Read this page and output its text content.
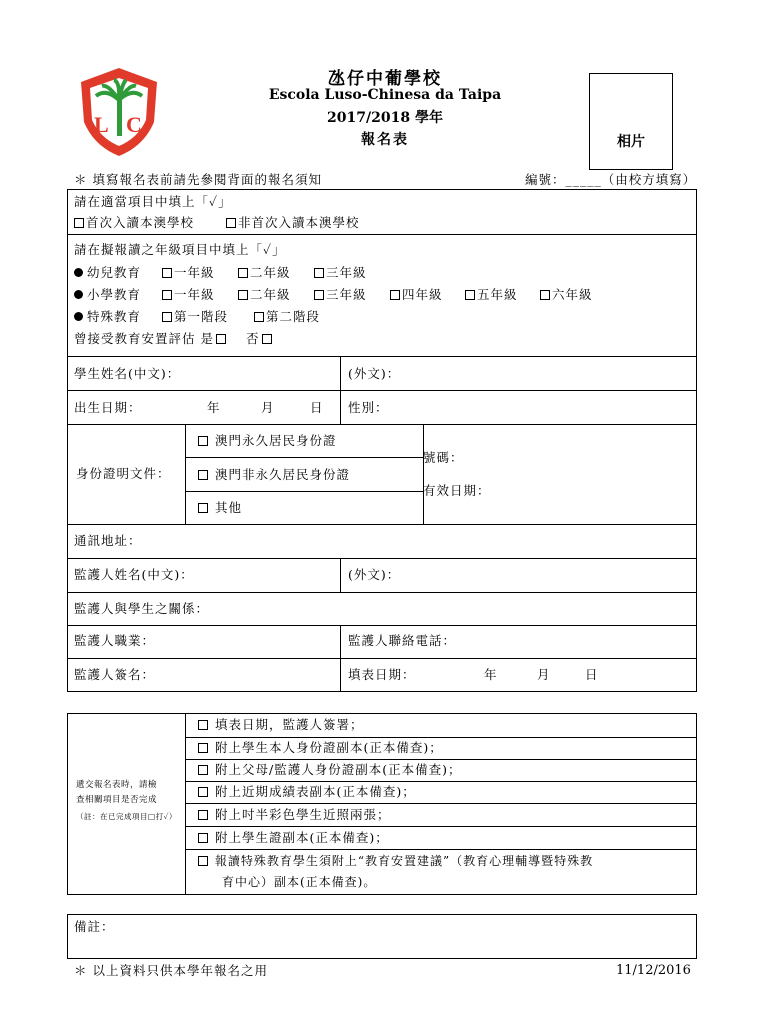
L C
氹仔中葡學校
Escola Luso-Chinesa da Taipa
2017/2018 學年
報名表	相片
＊ 填寫報名表前請先參閱背面的報名須知	編號：_____（由校方填寫）
請在適當項目中填上「✓」
首次入讀本澳學校	非首次入讀本澳學校
請在擬報讀之年級項目中填上「✓」
幼兒教育	一年級	二年級	三年級
小學教育	一年級	二年級	三年級	四年級	五年級	六年級
特殊教育	第一階段	第二階段
曾接受教育安置評估 是	否
學生姓名(中文)：	(外文)：
出生日期：	年	月	日 性別：
身份證明文件：
澳門永久居民身份證
澳門非永久居民身份證
其他
號碼：
有效日期：
通訊地址：
監護人姓名(中文)：	(外文)：
監護人與學生之關係：
監護人職業：	監護人聯絡電話：
監護人簽名：	填表日期：	年	月	日
遞交報名表時，請檢
查相關項目是否完成
（註：在已完成項目□打✓）
填表日期，監護人簽署；
附上學生本人身份證副本(正本備查)；
附上父母/監護人身份證副本(正本備查)；
附上近期成績表副本(正本備查)；
附上吋半彩色學生近照兩張；
附上學生證副本(正本備查)；
報讀特殊教育學生須附上“教育安置建議”（教育心理輔導暨特殊教
育中心）副本(正本備查)。
備註：
＊ 以上資料只供本學年報名之用	11/12/2016
